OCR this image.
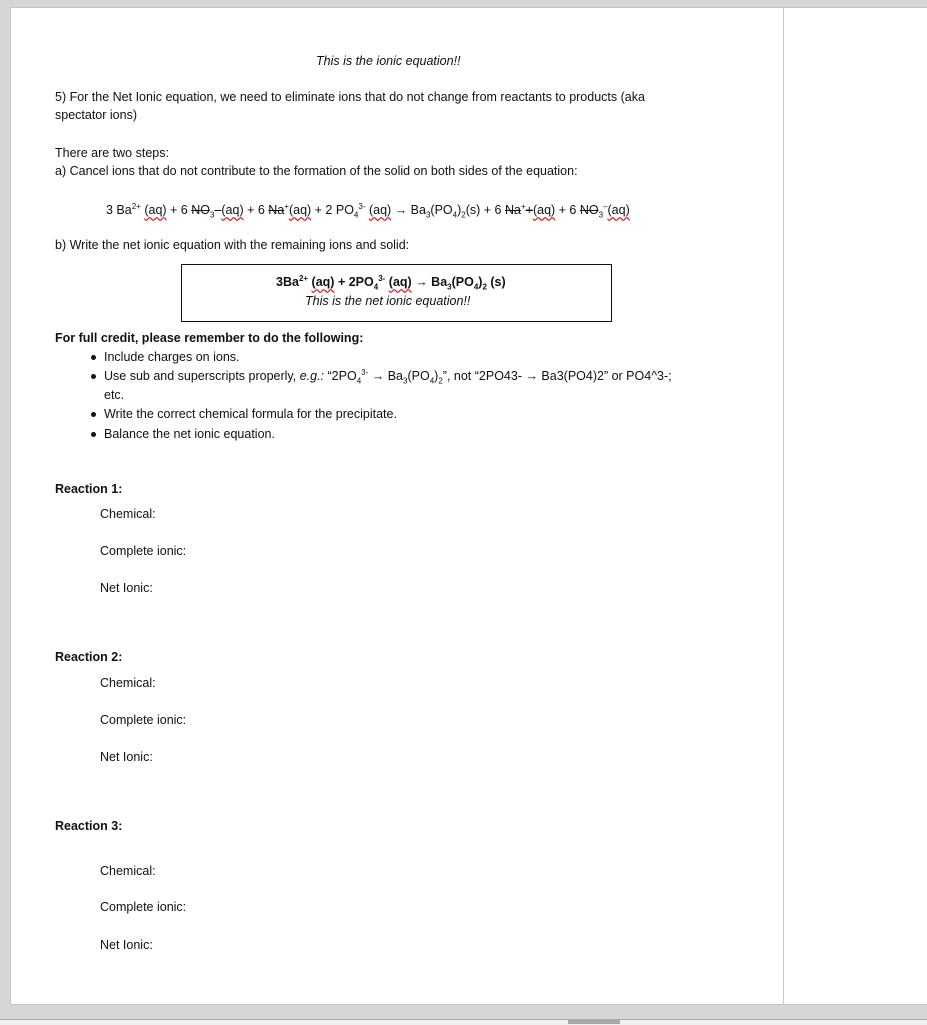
This is the ionic equation!!
5) For the Net Ionic equation, we need to eliminate ions that do not change from reactants to products (aka
spectator ions)
There are two steps:
a) Cancel ions that do not contribute to the formation of the solid on both sides of the equation:
3 $Ba^{2+}$ (aq) + 6 $NO_3-(aq) + 6$ Na+(aq) + 2 $PO_4^{3-}$ $(aq) \to Ba_3(PO_4)_2(s) + 6$ Na++(aq) + 6 $NO_3^-(aq)$
b) Write the net ionic equation with the remaining ions and solid:
$3Ba^{2+}$ $(aq) + 2PO_4^{3-}$ $(aq) \to Ba_3(PO_4)_2$ (s)
This is the net ionic equation!!
For full credit, please remember to do the following:
Include charges on ions.
Use sub and superscripts properly, e.g.: “$2PO_4^{3-} \to Ba_3(PO_4)_2$”, not “2PO43- → Ba3(PO4)2” or PO4^3-;
etc.
Write the correct chemical formula for the precipitate.
Balance the net ionic equation.
Reaction 1:
Chemical:
Complete ionic:
Net Ionic:
Reaction 2:
Chemical:
Complete ionic:
Net Ionic:
Reaction 3:
Chemical:
Complete ionic:
Net Ionic:
